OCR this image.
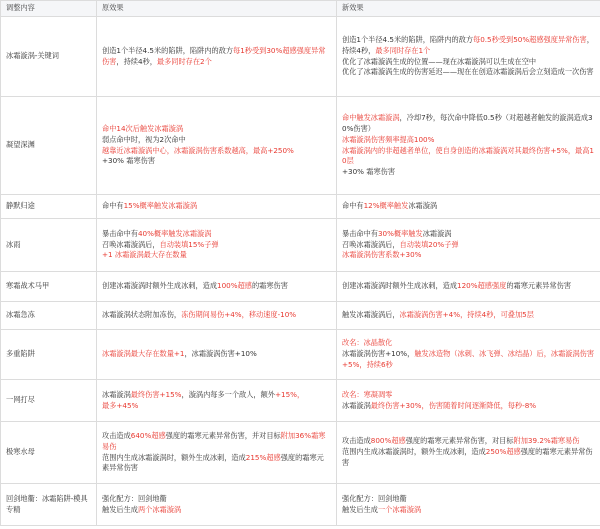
调整内容	原效果	新效果
冰霜漩涡-关键词	创造1个半径4.5米的陷阱，陷阱内的敌方每1秒受到30%超感强度异常伤害，持续4秒，最多同时存在2个	创造1个半径4.5米的陷阱，陷阱内的敌方每0.5秒受到50%超感强度异常伤害，持续4秒，最多同时存在1个
优化了冰霜漩涡生成的位置——现在冰霜漩涡可以生成在空中
优化了冰霜漩涡生成的伤害延迟——现在在创造冰霜漩涡后会立刻造成一次伤害

凝望深渊	命中14次后触发冰霜漩涡
弱点命中时，视为2次命中
越靠近冰霜漩涡中心，冰霜漩涡伤害系数越高，最高+250%
+30% 霜寒伤害	命中触发冰霜漩涡，冷却7秒，每次命中降低0.5秒（对超越者触发的漩涡造成30%伤害）
冰霜漩涡伤害频率提高100%
冰霜漩涡内的非超越者单位，使自身创造的冰霜漩涡对其最终伤害+5%，最高10层
+30% 霜寒伤害

静默归途	命中有15%概率触发冰霜漩涡	命中有12%概率触发冰霜漩涡

冰雨	暴击命中有40%概率触发冰霜漩涡
召唤冰霜漩涡后，自动装填15%子弹
+1 冰霜漩涡最大存在数量	暴击命中有30%概率触发冰霜漩涡
召唤冰霜漩涡后，自动装填20%子弹
冰霜漩涡伤害系数+30%

寒霜战术马甲	创建冰霜漩涡时额外生成冰刺，造成100%超感的霜寒伤害	创建冰霜漩涡时额外生成冰刺，造成120%超感强度的霜寒元素异常伤害

冰霜急冻	冰霜漩涡状态附加冻伤，冻伤期间易伤+4%，移动速度-10%	触发冰霜漩涡后，冰霜漩涡伤害+4%，持续4秒，可叠加5层

多重陷阱	冰霜漩涡最大存在数量+1，冰霜漩涡伤害+10%	改名：冰晶散化
冰霜漩涡伤害+10%，触发冰造物（冰刺、冰飞弹、冰结晶）后，冰霜漩涡伤害+5%，持续6秒

一网打尽	冰霜漩涡最终伤害+15%，漩涡内每多一个敌人，额外+15%，
最多+45%	改名：寒凝凋零
冰霜漩涡最终伤害+30%，伤害随着时间逐渐降低，每秒-8%

极寒水母	攻击造成640%超感强度的霜寒元素异常伤害，并对目标附加36%霜寒易伤
范围内生成冰霜漩涡时，额外生成冰刺，造成215%超感强度的霜寒元素异常伤害	攻击造成800%超感强度的霜寒元素异常伤害，对目标附加39.2%霜寒易伤
范围内生成冰霜漩涡时，额外生成冰刺，造成250%超感强度的霜寒元素异常伤害

回剑地衢：冰霜陷阱-模具专精	强化配方：回剑地衢
触发后生成两个冰霜漩涡	强化配方：回剑地衢
触发后生成一个冰霜漩涡
